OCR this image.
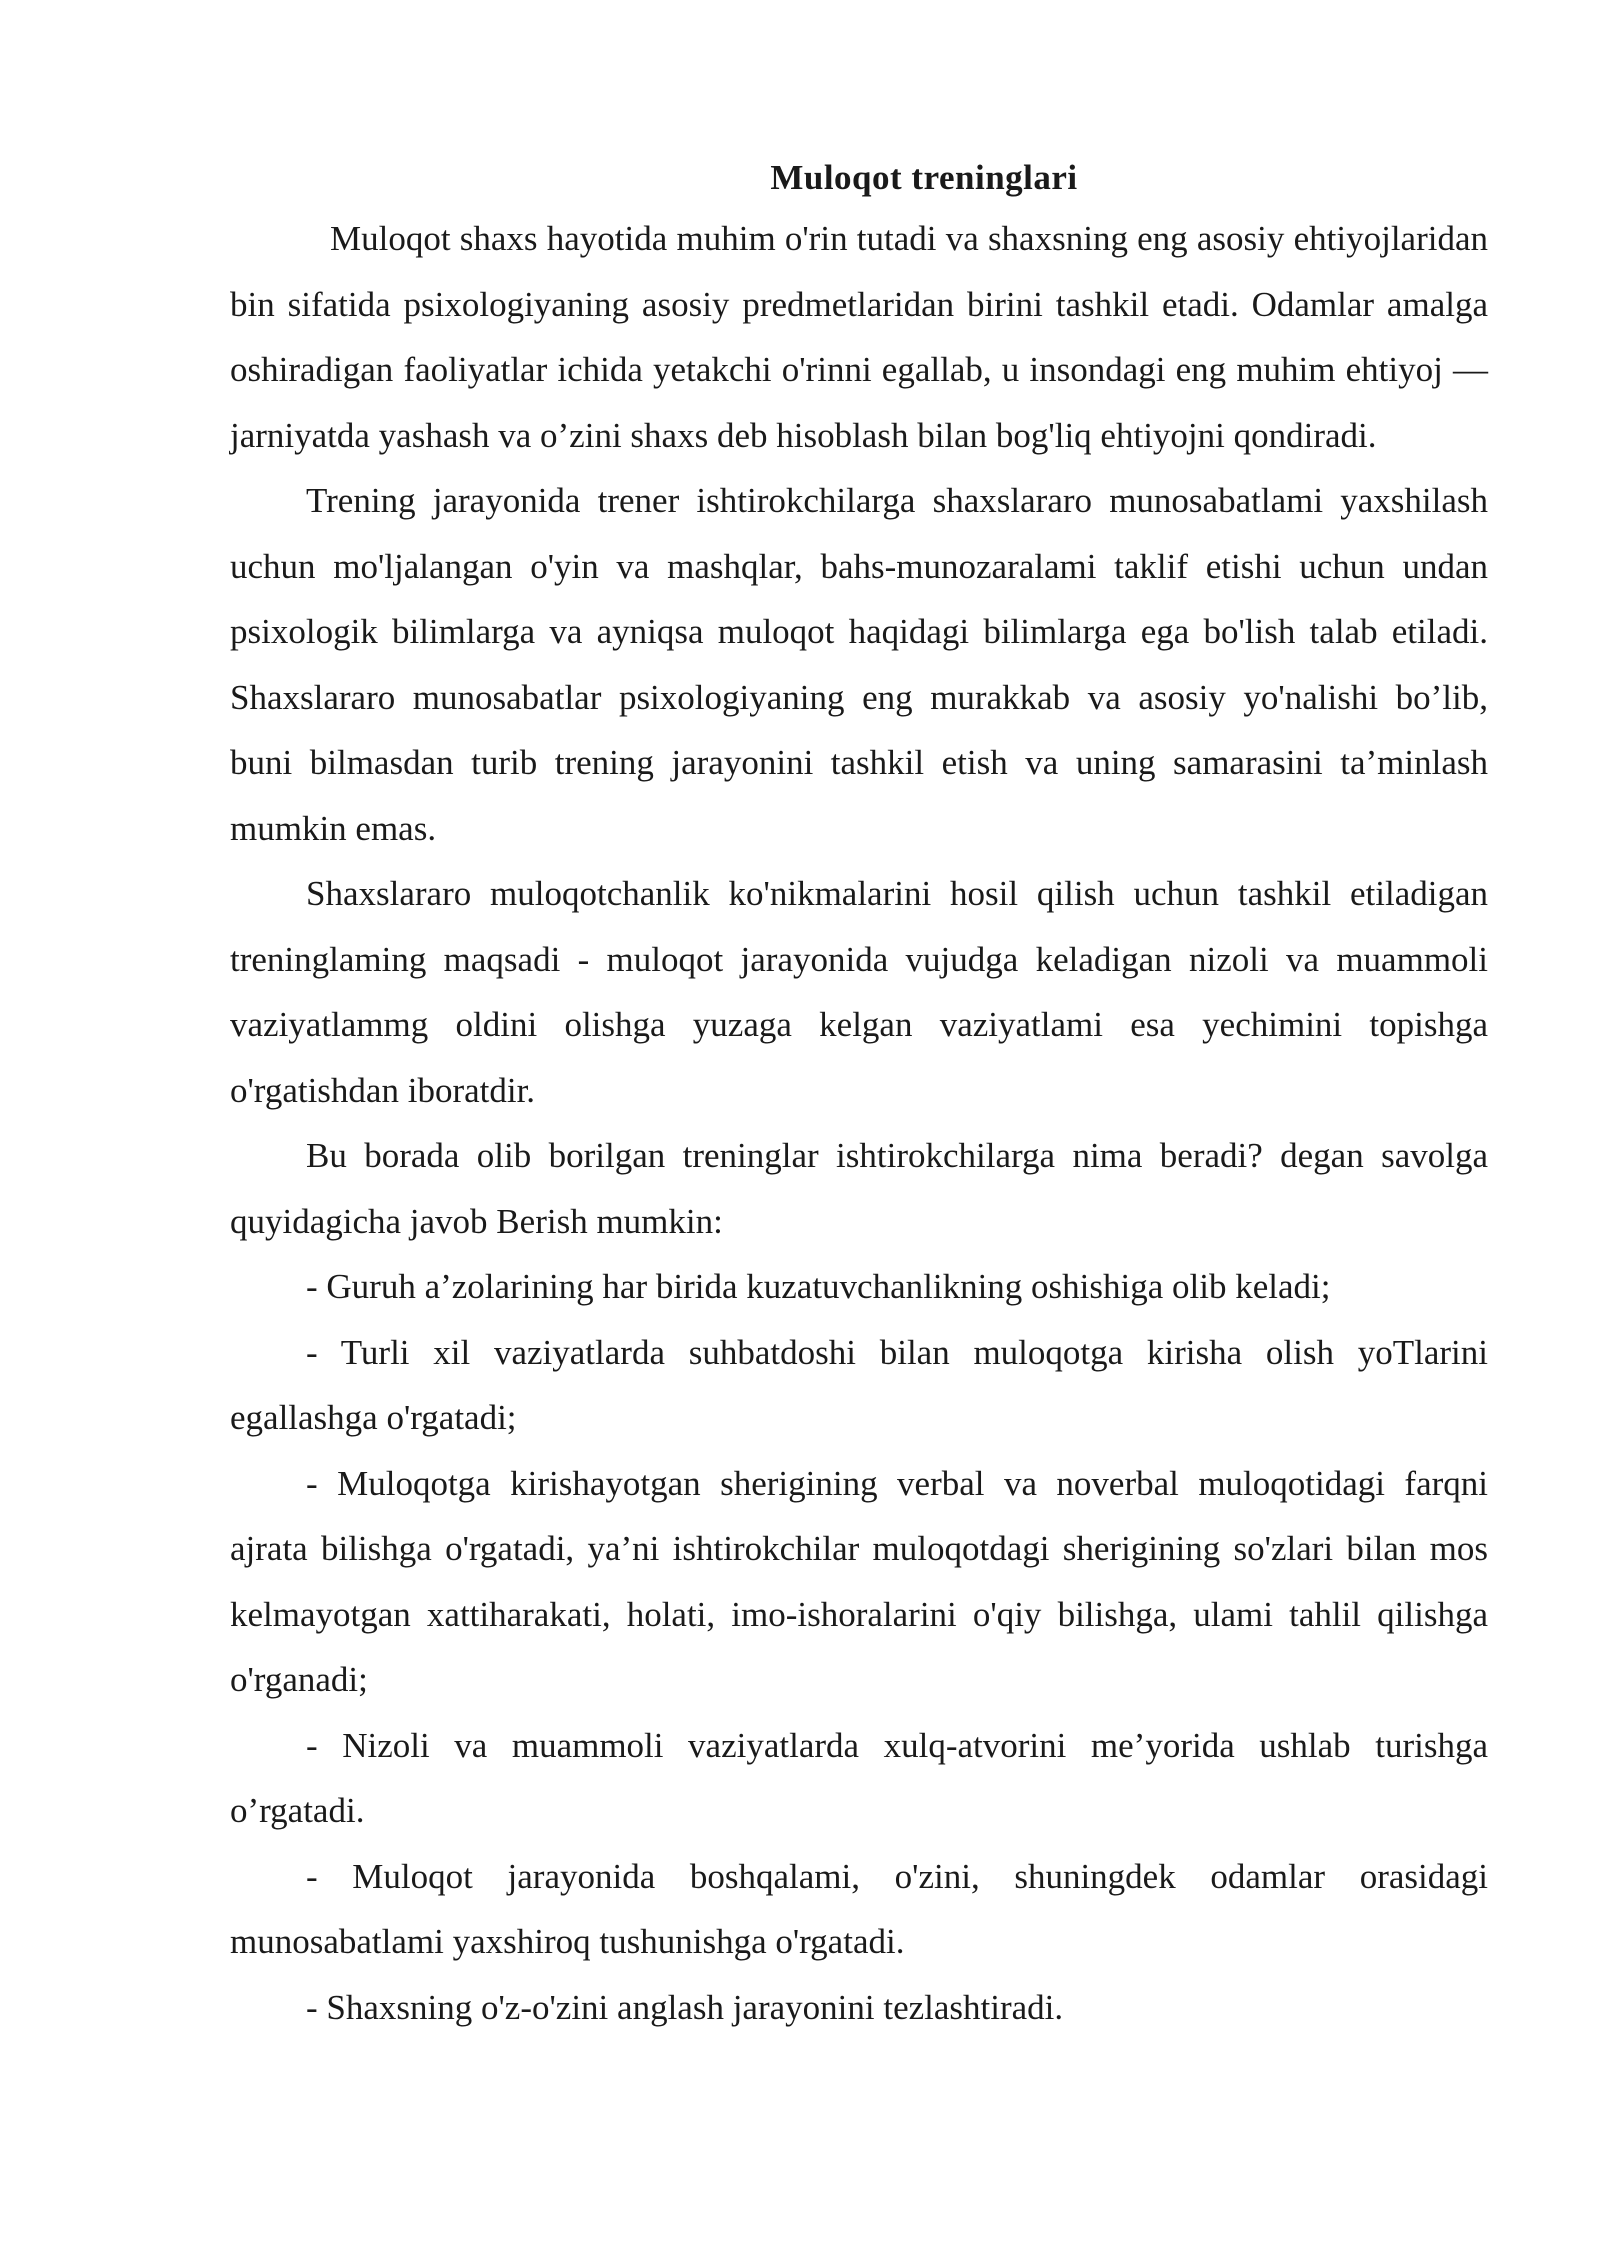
Muloqot treninglari

Muloqot shaxs hayotida muhim o'rin tutadi va shaxsning eng asosiy ehtiyojlaridan bin sifatida psixologiyaning asosiy predmetlaridan birini tashkil etadi. Odamlar amalga oshiradigan faoliyatlar ichida yetakchi o'rinni egallab, u insondagi eng muhim ehtiyoj — jarniyatda yashash va o’zini shaxs deb hisoblash bilan bog'liq ehtiyojni qondiradi.

Trening jarayonida trener ishtirokchilarga shaxslararo munosabatlami yaxshilash uchun mo'ljalangan o'yin va mashqlar, bahs-munozaralami taklif etishi uchun undan psixologik bilimlarga va ayniqsa muloqot haqidagi bilimlarga ega bo'lish talab etiladi. Shaxslararo munosabatlar psixologiyaning eng murakkab va asosiy yo'nalishi bo’lib, buni bilmasdan turib trening jarayonini tashkil etish va uning samarasini ta’minlash mumkin emas.

Shaxslararo muloqotchanlik ko'nikmalarini hosil qilish uchun tashkil etiladigan treninglaming maqsadi - muloqot jarayonida vujudga keladigan nizoli va muammoli vaziyatlammg oldini olishga yuzaga kelgan vaziyatlami esa yechimini topishga o'rgatishdan iboratdir.

Bu borada olib borilgan treninglar ishtirokchilarga nima beradi? degan savolga quyidagicha javob Berish mumkin:

- Guruh a’zolarining har birida kuzatuvchanlikning oshishiga olib keladi;

- Turli xil vaziyatlarda suhbatdoshi bilan muloqotga kirisha olish yoTlarini egallashga o'rgatadi;

- Muloqotga kirishayotgan sherigining verbal va noverbal muloqotidagi farqni ajrata bilishga o'rgatadi, ya’ni ishtirokchilar muloqotdagi sherigining so'zlari bilan mos kelmayotgan xattiharakati, holati, imo-ishoralarini o'qiy bilishga, ulami tahlil qilishga o'rganadi;

- Nizoli va muammoli vaziyatlarda xulq-atvorini me’yorida ushlab turishga o’rgatadi.

- Muloqot jarayonida boshqalami, o'zini, shuningdek odamlar orasidagi munosabatlami yaxshiroq tushunishga o'rgatadi.

- Shaxsning o'z-o'zini anglash jarayonini tezlashtiradi.
